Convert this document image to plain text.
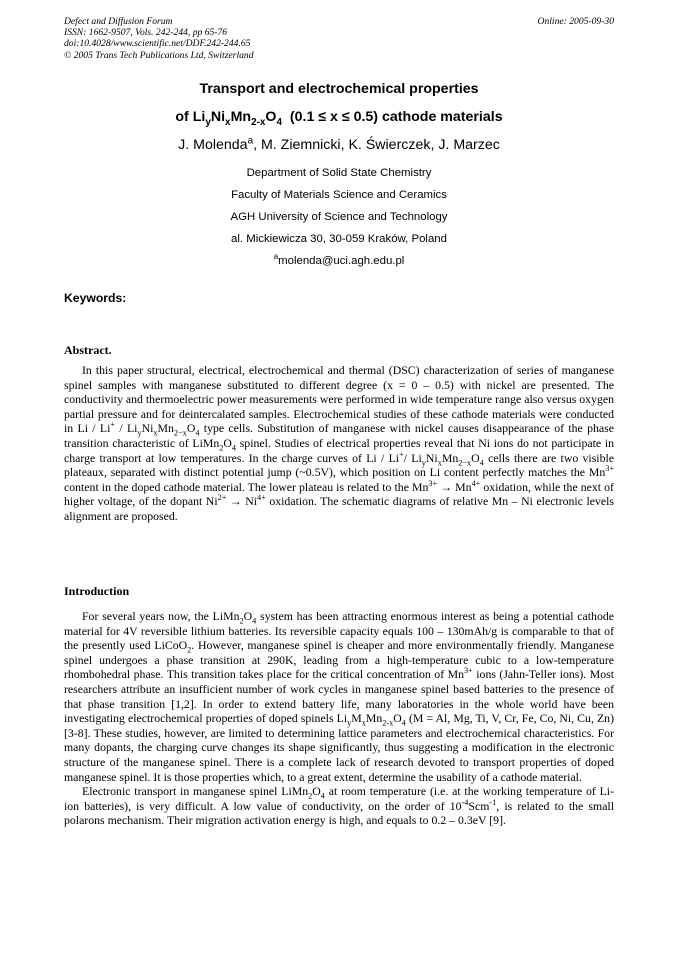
Defect and Diffusion Forum
ISSN: 1662-9507, Vols. 242-244, pp 65-76
doi:10.4028/www.scientific.net/DDF.242-244.65
© 2005 Trans Tech Publications Ltd, Switzerland
Online: 2005-09-30
Transport and electrochemical properties
of $Li_yNi_xMn_{2-x}O_4$ (0.1 ≤ x ≤ 0.5) cathode materials
J. Molenda$^a$, M. Ziemnicki, K. Świerczek, J. Marzec
Department of Solid State Chemistry
Faculty of Materials Science and Ceramics
AGH University of Science and Technology
al. Mickiewicza 30, 30-059 Kraków, Poland
$^a$molenda@uci.agh.edu.pl
Keywords:
Abstract.

In this paper structural, electrical, electrochemical and thermal (DSC) characterization of series of manganese spinel samples with manganese substituted to different degree (x = 0 – 0.5) with nickel are presented. The conductivity and thermoelectric power measurements were performed in wide temperature range also versus oxygen partial pressure and for deintercalated samples. Electrochemical studies of these cathode materials were conducted in Li / $Li^+ / Li_yNi_xMn_{2-x}O_4$ type cells. Substitution of manganese with nickel causes disappearance of the phase transition characteristic of $LiMn_2O_4$ spinel. Studies of electrical properties reveal that Ni ions do not participate in charge transport at low temperatures. In the charge curves of Li / Li+/ $Li_yNi_xMn_{2-x}O_4$ cells there are two visible plateaux, separated with distinct potential jump (~0.5V), which position on Li content perfectly matches the $Mn^{3+}$ content in the doped cathode material. The lower plateau is related to the $Mn^{3+} \to Mn^{4+}$ oxidation, while the next of higher voltage, of the dopant $Ni^{2+} \to Ni^{4+}$ oxidation. The schematic diagrams of relative Mn – Ni electronic levels alignment are proposed.

Introduction

For several years now, the $LiMn_2O_4$ system has been attracting enormous interest as being a potential cathode material for 4V reversible lithium batteries. Its reversible capacity equals 100 – 130mAh/g is comparable to that of the presently used LiCoO$_2$. However, manganese spinel is cheaper and more environmentally friendly. Manganese spinel undergoes a phase transition at 290K, leading from a high-temperature cubic to a low-temperature rhombohedral phase. This transition takes place for the critical concentration of $Mn^{3+}$ ions (Jahn-Teller ions). Most researchers attribute an insufficient number of work cycles in manganese spinel based batteries to the presence of that phase transition [1,2]. In order to extend battery life, many laboratories in the whole world have been investigating electrochemical properties of doped spinels $Li_yM_xMn_{2-x}O_4$ (M = Al, Mg, Ti, V, Cr, Fe, Co, Ni, Cu, Zn) [3-8]. These studies, however, are limited to determining lattice parameters and electrochemical characteristics. For many dopants, the charging curve changes its shape significantly, thus suggesting a modification in the electronic structure of the manganese spinel. There is a complete lack of research devoted to transport properties of doped manganese spinel. It is those properties which, to a great extent, determine the usability of a cathode material.

Electronic transport in manganese spinel $LiMn_2O_4$ at room temperature (i.e. at the working temperature of Li-ion batteries), is very difficult. A low value of conductivity, on the order of $10^{-4}Scm^{-1}$, is related to the small polarons mechanism. Their migration activation energy is high, and equals to 0.2 – 0.3eV [9].
